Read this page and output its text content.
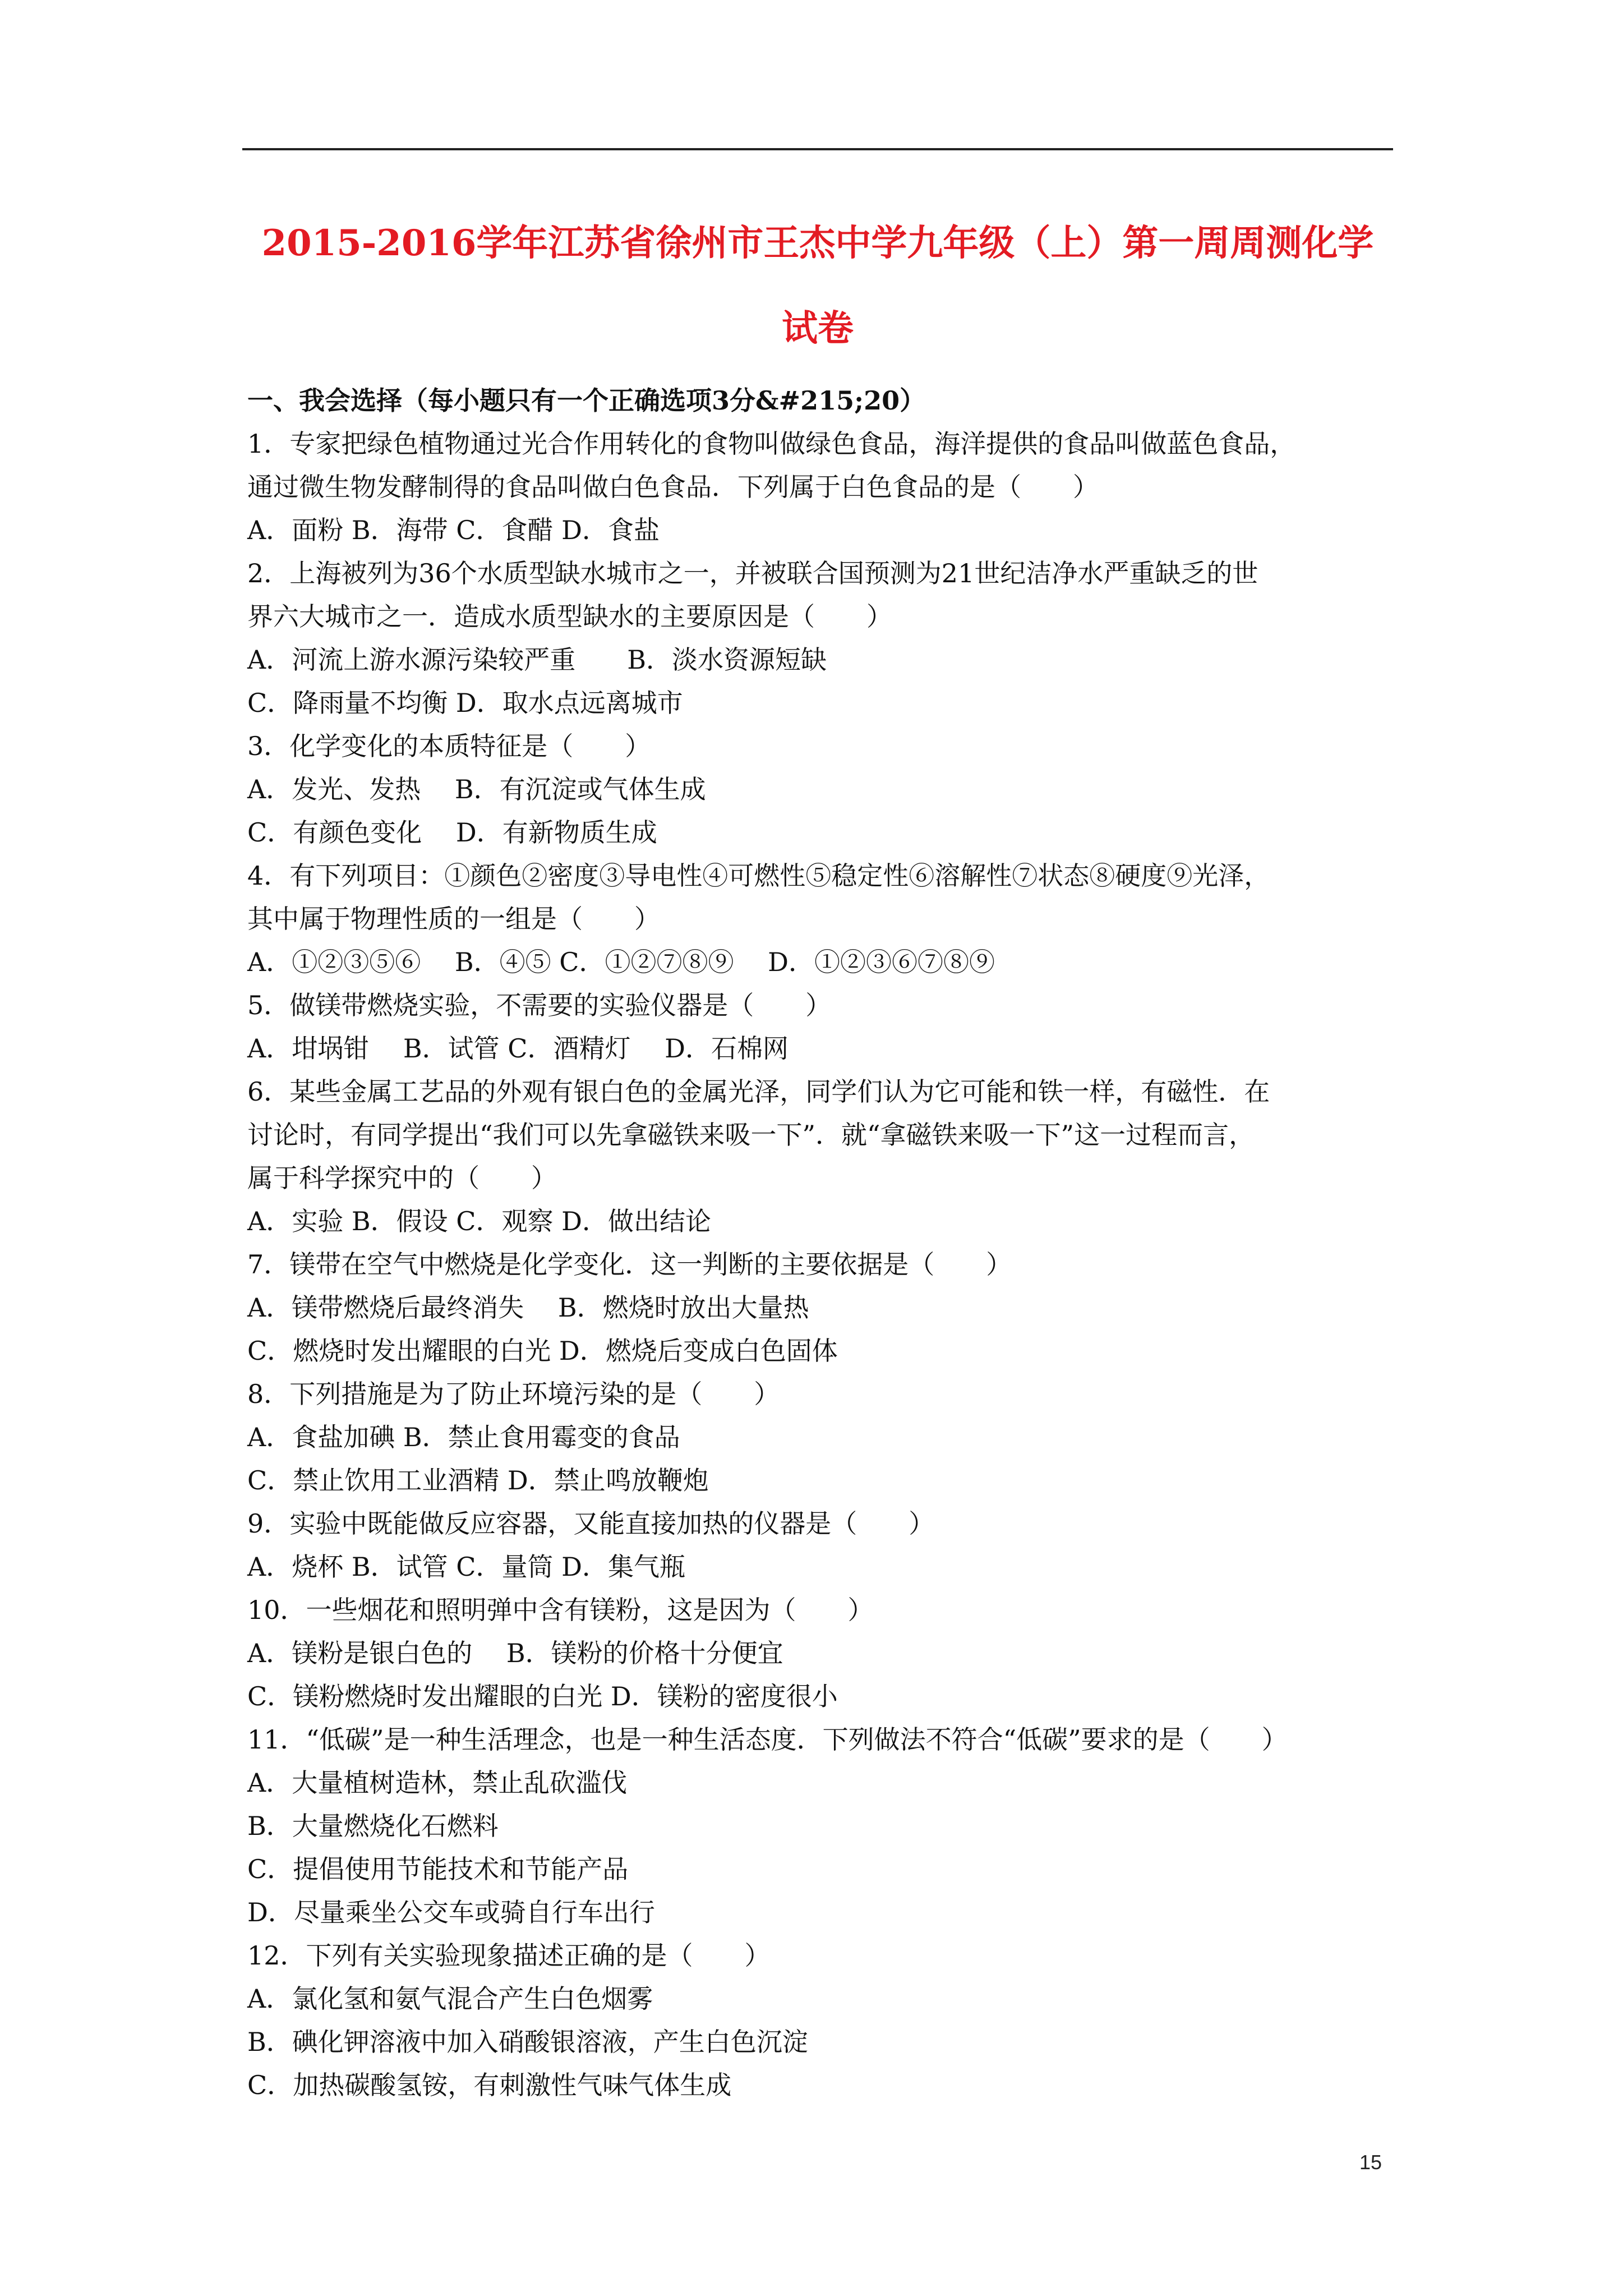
2015-2016学年江苏省徐州市王杰中学九年级（上）第一周周测化学
试卷
一、我会选择（每小题只有一个正确选项3分&#215;20）
1．专家把绿色植物通过光合作用转化的食物叫做绿色食品，海洋提供的食品叫做蓝色食品，
通过微生物发酵制得的食品叫做白色食品．下列属于白色食品的是（　　）
A．面粉 B．海带 C．食醋 D．食盐
2．上海被列为36个水质型缺水城市之一，并被联合国预测为21世纪洁净水严重缺乏的世
界六大城市之一．造成水质型缺水的主要原因是（　　）
A．河流上游水源污染较严重　　B．淡水资源短缺
C．降雨量不均衡 D．取水点远离城市
3．化学变化的本质特征是（　　）
A．发光、发热　 B．有沉淀或气体生成
C．有颜色变化　 D．有新物质生成
4．有下列项目：①颜色②密度③导电性④可燃性⑤稳定性⑥溶解性⑦状态⑧硬度⑨光泽，
其中属于物理性质的一组是（　　）
A．①②③⑤⑥　 B．④⑤ C．①②⑦⑧⑨　 D．①②③⑥⑦⑧⑨
5．做镁带燃烧实验，不需要的实验仪器是（　　）
A．坩埚钳　 B．试管 C．酒精灯　 D．石棉网
6．某些金属工艺品的外观有银白色的金属光泽，同学们认为它可能和铁一样，有磁性．在
讨论时，有同学提出“我们可以先拿磁铁来吸一下”．就“拿磁铁来吸一下”这一过程而言，
属于科学探究中的（　　）
A．实验 B．假设 C．观察 D．做出结论
7．镁带在空气中燃烧是化学变化．这一判断的主要依据是（　　）
A．镁带燃烧后最终消失　 B．燃烧时放出大量热
C．燃烧时发出耀眼的白光 D．燃烧后变成白色固体
8．下列措施是为了防止环境污染的是（　　）
A．食盐加碘 B．禁止食用霉变的食品
C．禁止饮用工业酒精 D．禁止鸣放鞭炮
9．实验中既能做反应容器，又能直接加热的仪器是（　　）
A．烧杯 B．试管 C．量筒 D．集气瓶
10．一些烟花和照明弹中含有镁粉，这是因为（　　）
A．镁粉是银白色的　 B．镁粉的价格十分便宜
C．镁粉燃烧时发出耀眼的白光 D．镁粉的密度很小
11．“低碳”是一种生活理念，也是一种生活态度．下列做法不符合“低碳”要求的是（　　）
A．大量植树造林，禁止乱砍滥伐
B．大量燃烧化石燃料
C．提倡使用节能技术和节能产品
D．尽量乘坐公交车或骑自行车出行
12．下列有关实验现象描述正确的是（　　）
A．氯化氢和氨气混合产生白色烟雾
B．碘化钾溶液中加入硝酸银溶液，产生白色沉淀
C．加热碳酸氢铵，有刺激性气味气体生成
15
